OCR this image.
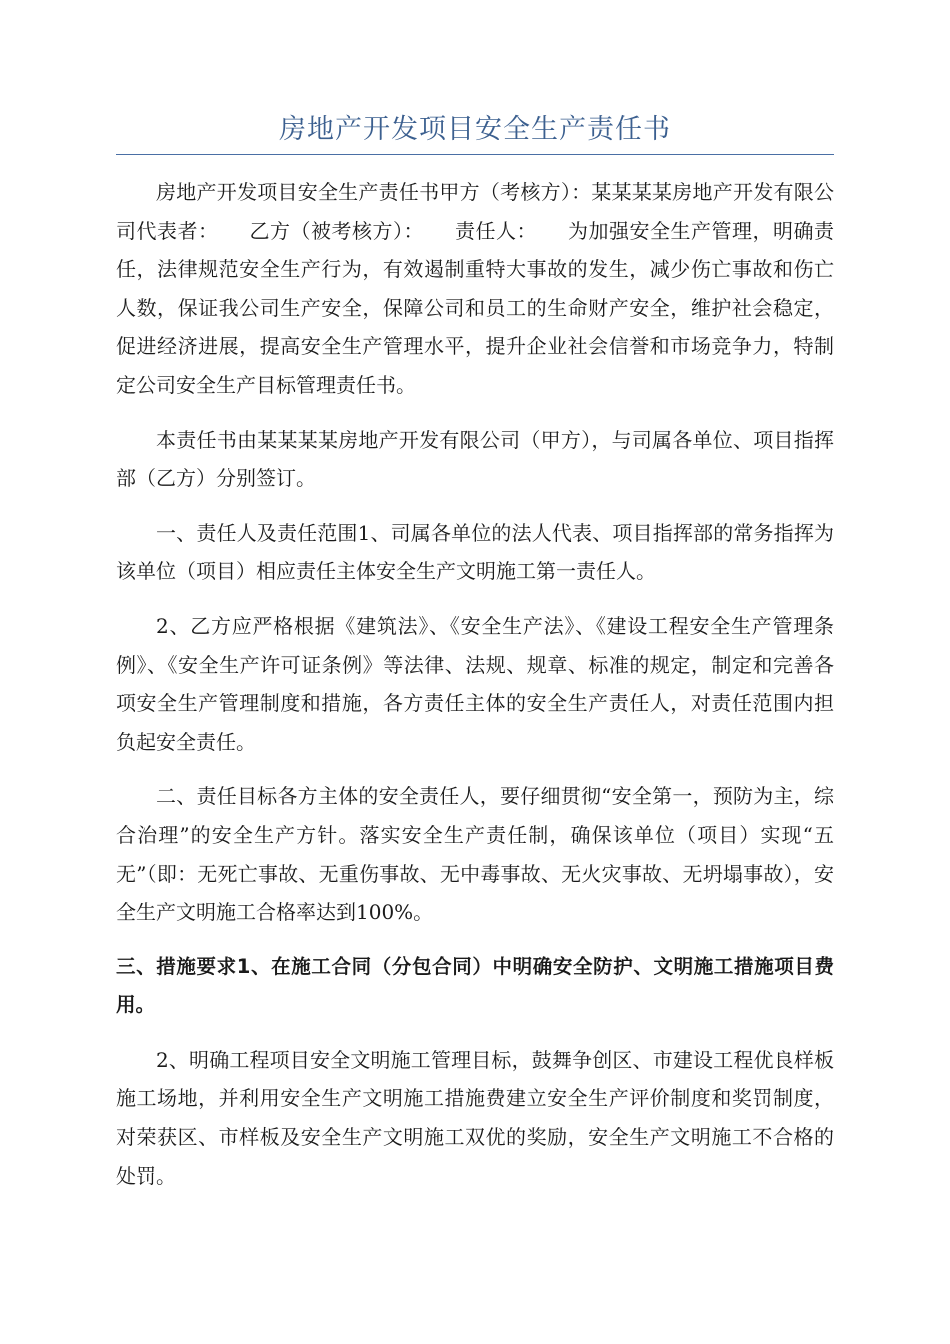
房地产开发项目安全生产责任书

房地产开发项目安全生产责任书甲方（考核方）：某某某某房地产开发有限公司代表者：　　乙方（被考核方）：　　责任人：　　为加强安全生产管理，明确责任，法律规范安全生产行为，有效遏制重特大事故的发生，减少伤亡事故和伤亡人数，保证我公司生产安全，保障公司和员工的生命财产安全，维护社会稳定，促进经济进展，提高安全生产管理水平，提升企业社会信誉和市场竞争力，特制定公司安全生产目标管理责任书。

本责任书由某某某某房地产开发有限公司（甲方），与司属各单位、项目指挥部（乙方）分别签订。

一、责任人及责任范围1、司属各单位的法人代表、项目指挥部的常务指挥为该单位（项目）相应责任主体安全生产文明施工第一责任人。

2、乙方应严格根据《建筑法》、《安全生产法》、《建设工程安全生产管理条例》、《安全生产许可证条例》等法律、法规、规章、标准的规定，制定和完善各项安全生产管理制度和措施，各方责任主体的安全生产责任人，对责任范围内担负起安全责任。

二、责任目标各方主体的安全责任人，要仔细贯彻“安全第一，预防为主，综合治理”的安全生产方针。落实安全生产责任制，确保该单位（项目）实现“五无”（即：无死亡事故、无重伤事故、无中毒事故、无火灾事故、无坍塌事故），安全生产文明施工合格率达到100%。

三、措施要求1、在施工合同（分包合同）中明确安全防护、文明施工措施项目费用。

2、明确工程项目安全文明施工管理目标，鼓舞争创区、市建设工程优良样板施工场地，并利用安全生产文明施工措施费建立安全生产评价制度和奖罚制度，对荣获区、市样板及安全生产文明施工双优的奖励，安全生产文明施工不合格的处罚。
